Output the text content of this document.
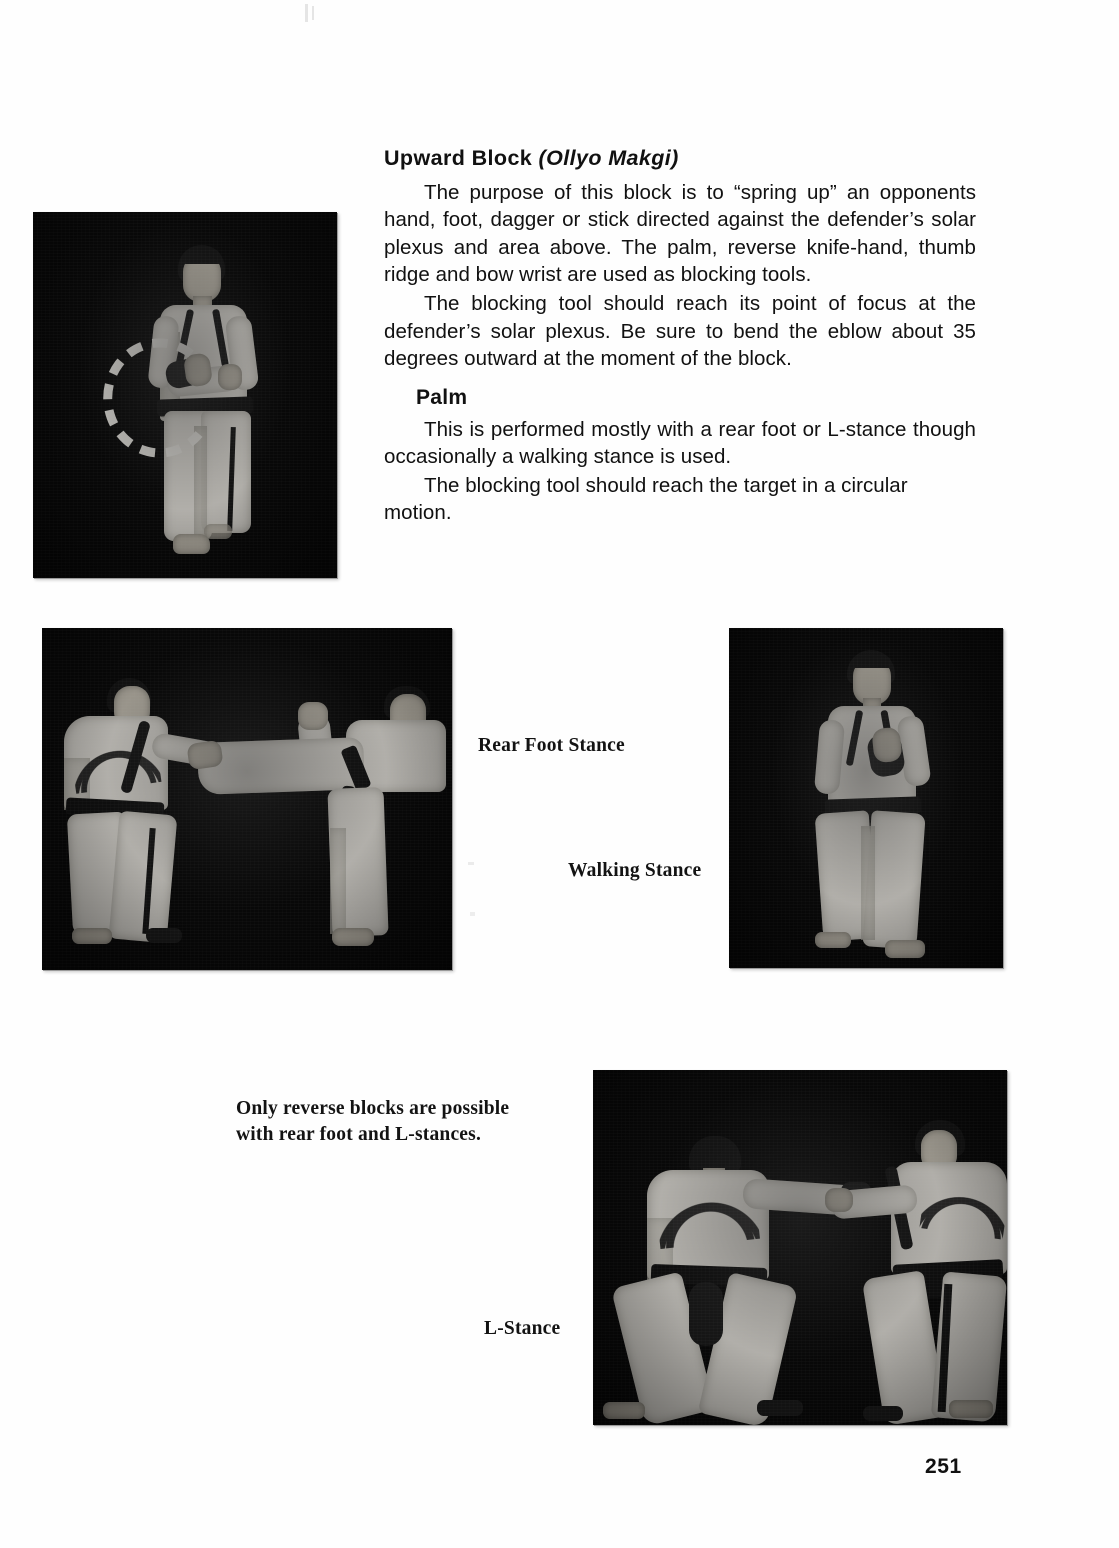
Upward Block (Ollyo Makgi)

The purpose of this block is to “spring up” an opponents hand, foot, dagger or stick directed against the defender’s solar plexus and area above. The palm, reverse knife-hand, thumb ridge and bow wrist are used as blocking tools.

The blocking tool should reach its point of focus at the defender’s solar plexus. Be sure to bend the eblow about 35 degrees outward at the moment of the block.

Palm

This is performed mostly with a rear foot or L-stance though occasionally a walking stance is used.

The blocking tool should reach the target in a circular motion.

Rear Foot Stance
Walking Stance
Only reverse blocks are possible
with rear foot and L-stances.
L-Stance
251
